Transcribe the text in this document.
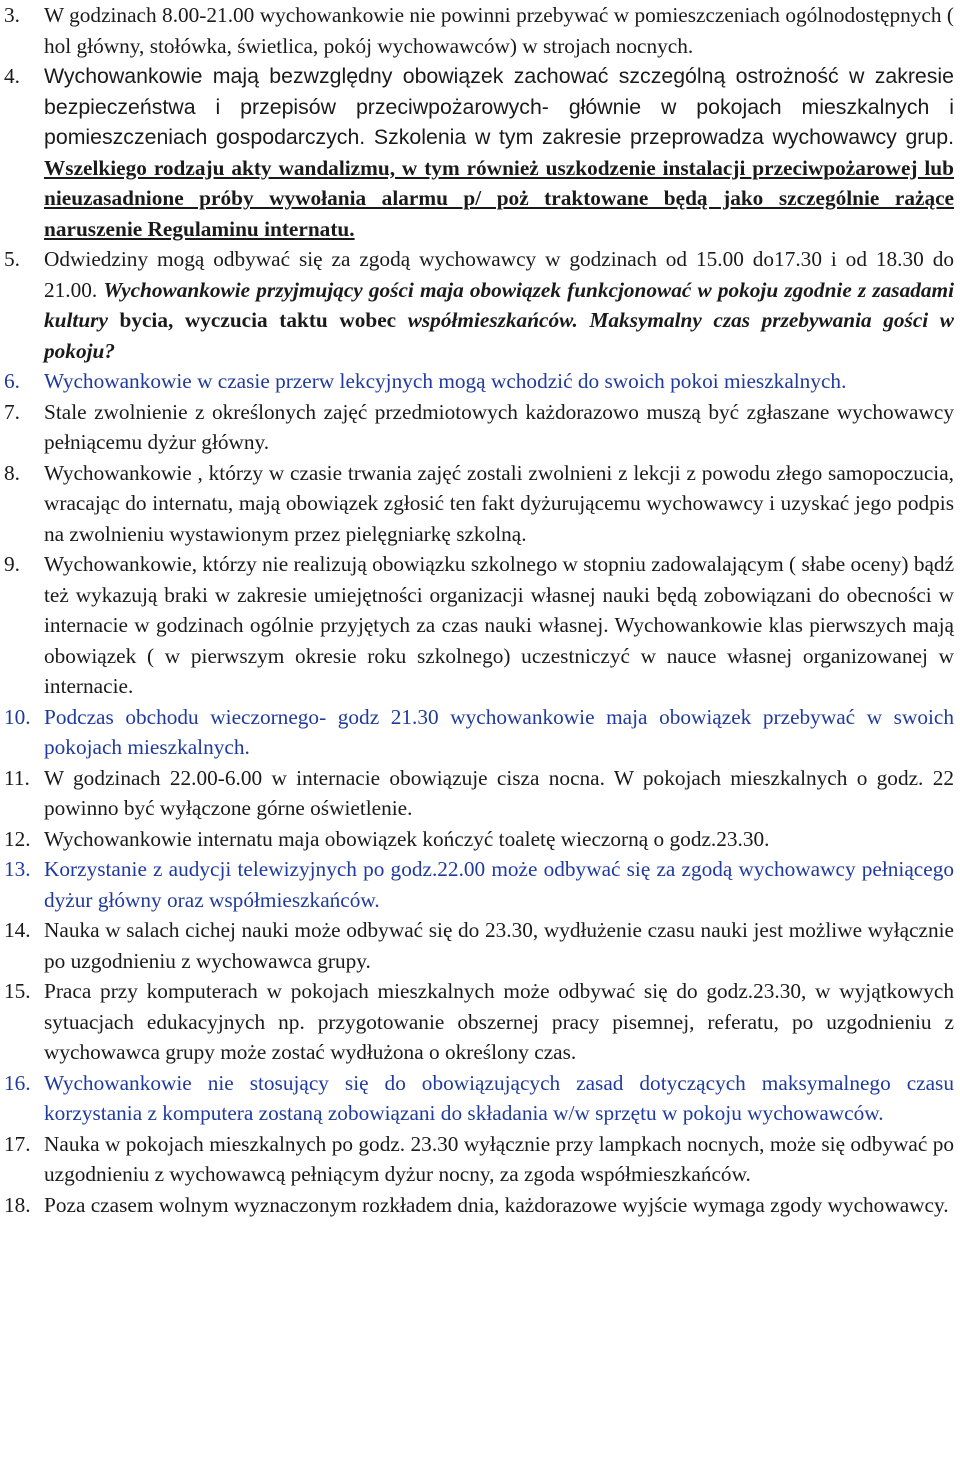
3.	W godzinach 8.00-21.00 wychowankowie nie powinni przebywać w pomieszczeniach ogólnodostępnych ( hol główny, stołówka, świetlica, pokój wychowawców) w strojach nocnych.
4.	Wychowankowie mają bezwzględny obowiązek zachować szczególną ostrożność w zakresie bezpieczeństwa i przepisów przeciwpożarowych- głównie w pokojach mieszkalnych i pomieszczeniach gospodarczych. Szkolenia w tym zakresie przeprowadza wychowawcy grup. Wszelkiego rodzaju akty wandalizmu, w tym również uszkodzenie instalacji przeciwpożarowej lub nieuzasadnione próby wywołania alarmu p/ poż traktowane będą jako szczególnie rażące naruszenie Regulaminu internatu.
5.	Odwiedziny mogą odbywać się za zgodą wychowawcy w godzinach od 15.00 do17.30 i od 18.30 do 21.00. Wychowankowie przyjmujący gości maja obowiązek funkcjonować w pokoju zgodnie z zasadami kultury bycia, wyczucia taktu wobec współmieszkańców. Maksymalny czas przebywania gości w pokoju?
6.	Wychowankowie w czasie przerw lekcyjnych mogą wchodzić do swoich pokoi mieszkalnych.
7.	Stale zwolnienie z określonych zajęć przedmiotowych każdorazowo muszą być zgłaszane wychowawcy pełniącemu dyżur główny.
8.	Wychowankowie , którzy w czasie trwania zajęć zostali zwolnieni z lekcji z powodu złego samopoczucia, wracając do internatu, mają obowiązek zgłosić ten fakt dyżurującemu wychowawcy i uzyskać jego podpis na zwolnieniu wystawionym przez pielęgniarkę szkolną.
9.	Wychowankowie, którzy nie realizują obowiązku szkolnego w stopniu zadowalającym ( słabe oceny) bądź też wykazują braki w zakresie umiejętności organizacji własnej nauki będą zobowiązani do obecności w internacie w godzinach ogólnie przyjętych za czas nauki własnej. Wychowankowie klas pierwszych mają obowiązek ( w pierwszym okresie roku szkolnego) uczestniczyć w nauce własnej organizowanej w internacie.
10. Podczas obchodu wieczornego- godz 21.30 wychowankowie maja obowiązek przebywać w swoich pokojach mieszkalnych.
11. W godzinach 22.00-6.00 w internacie obowiązuje cisza nocna. W pokojach mieszkalnych o godz. 22 powinno być wyłączone górne oświetlenie.
12. Wychowankowie internatu maja obowiązek kończyć toaletę wieczorną o godz.23.30.
13. Korzystanie z audycji telewizyjnych po godz.22.00 może odbywać się za zgodą wychowawcy pełniącego dyżur główny oraz współmieszkańców.
14. Nauka w salach cichej nauki może odbywać się do 23.30, wydłużenie czasu nauki jest możliwe wyłącznie po uzgodnieniu z wychowawca grupy.
15. Praca przy komputerach w pokojach mieszkalnych może odbywać się do godz.23.30, w wyjątkowych sytuacjach edukacyjnych np. przygotowanie obszernej pracy pisemnej, referatu, po uzgodnieniu z wychowawca grupy może zostać wydłużona o określony czas.
16. Wychowankowie nie stosujący się do obowiązujących zasad dotyczących maksymalnego czasu korzystania z komputera zostaną zobowiązani do składania w/w sprzętu w pokoju wychowawców.
17. Nauka w pokojach mieszkalnych po godz. 23.30 wyłącznie przy lampkach nocnych, może się odbywać po uzgodnieniu z wychowawcą pełniącym dyżur nocny, za zgoda współmieszkańców.
18. Poza czasem wolnym wyznaczonym rozkładem dnia, każdorazowe wyjście wymaga zgody wychowawcy.
